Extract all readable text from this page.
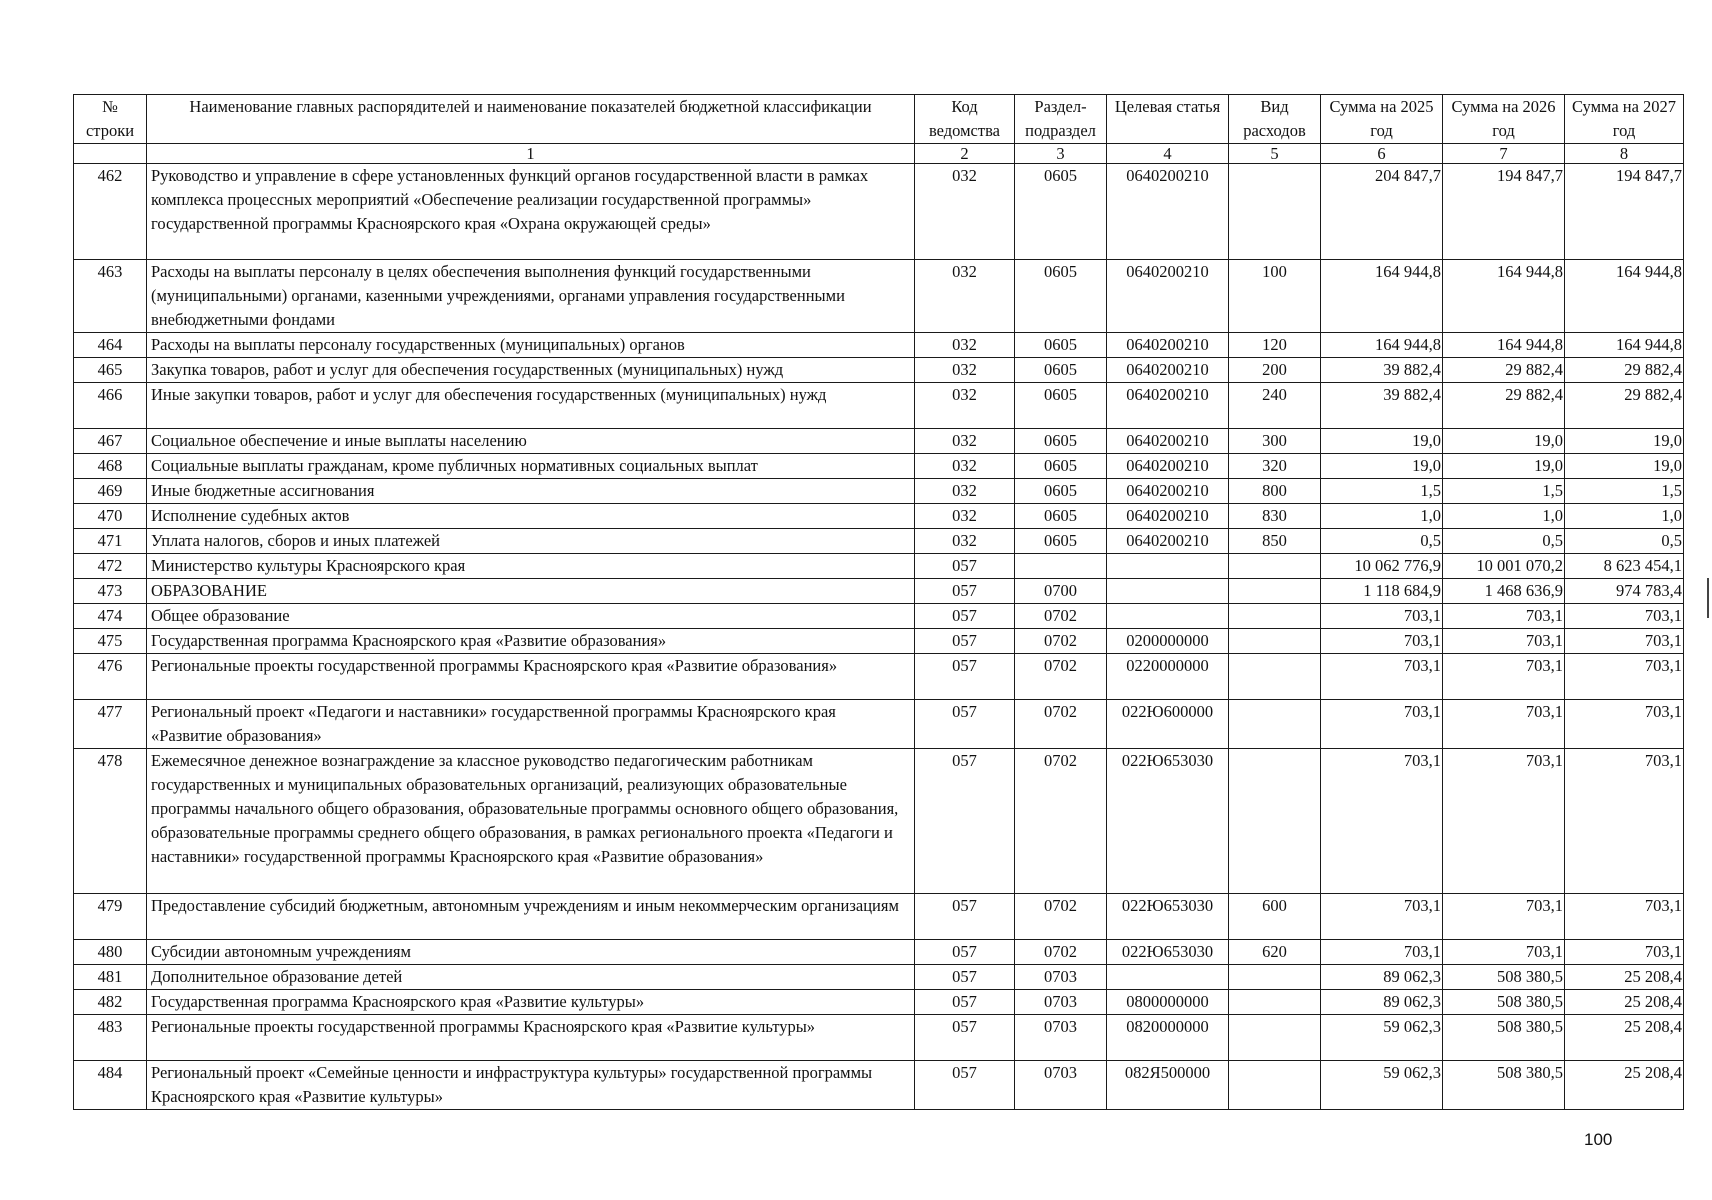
№ строки	Наименование главных распорядителей и наименование показателей бюджетной классификации	Код ведомства	Раздел-подраздел	Целевая статья	Вид расходов	Сумма на 2025 год	Сумма на 2026 год	Сумма на 2027 год
	1	2	3	4	5	6	7	8
462	Руководство и управление в сфере установленных функций органов государственной власти в рамках комплекса процессных мероприятий «Обеспечение реализации государственной программы» государственной программы Красноярского края «Охрана окружающей среды»	032	0605	0640200210		204 847,7	194 847,7	194 847,7
463	Расходы на выплаты персоналу в целях обеспечения выполнения функций государственными (муниципальными) органами, казенными учреждениями, органами управления государственными внебюджетными фондами	032	0605	0640200210	100	164 944,8	164 944,8	164 944,8
464	Расходы на выплаты персоналу государственных (муниципальных) органов	032	0605	0640200210	120	164 944,8	164 944,8	164 944,8
465	Закупка товаров, работ и услуг для обеспечения государственных (муниципальных) нужд	032	0605	0640200210	200	39 882,4	29 882,4	29 882,4
466	Иные закупки товаров, работ и услуг для обеспечения государственных (муниципальных) нужд	032	0605	0640200210	240	39 882,4	29 882,4	29 882,4
467	Социальное обеспечение и иные выплаты населению	032	0605	0640200210	300	19,0	19,0	19,0
468	Социальные выплаты гражданам, кроме публичных нормативных социальных выплат	032	0605	0640200210	320	19,0	19,0	19,0
469	Иные бюджетные ассигнования	032	0605	0640200210	800	1,5	1,5	1,5
470	Исполнение судебных актов	032	0605	0640200210	830	1,0	1,0	1,0
471	Уплата налогов, сборов и иных платежей	032	0605	0640200210	850	0,5	0,5	0,5
472	Министерство культуры Красноярского края	057				10 062 776,9	10 001 070,2	8 623 454,1
473	ОБРАЗОВАНИЕ	057	0700			1 118 684,9	1 468 636,9	974 783,4
474	Общее образование	057	0702			703,1	703,1	703,1
475	Государственная программа Красноярского края «Развитие образования»	057	0702	0200000000		703,1	703,1	703,1
476	Региональные проекты государственной программы Красноярского края «Развитие образования»	057	0702	0220000000		703,1	703,1	703,1
477	Региональный проект «Педагоги и наставники» государственной программы Красноярского края «Развитие образования»	057	0702	022Ю600000		703,1	703,1	703,1
478	Ежемесячное денежное вознаграждение за классное руководство педагогическим работникам государственных и муниципальных образовательных организаций, реализующих образовательные программы начального общего образования, образовательные программы основного общего образования, образовательные программы среднего общего образования, в рамках регионального проекта «Педагоги и наставники» государственной программы Красноярского края «Развитие образования»	057	0702	022Ю653030		703,1	703,1	703,1
479	Предоставление субсидий бюджетным, автономным учреждениям и иным некоммерческим организациям	057	0702	022Ю653030	600	703,1	703,1	703,1
480	Субсидии автономным учреждениям	057	0702	022Ю653030	620	703,1	703,1	703,1
481	Дополнительное образование детей	057	0703			89 062,3	508 380,5	25 208,4
482	Государственная программа Красноярского края «Развитие культуры»	057	0703	0800000000		89 062,3	508 380,5	25 208,4
483	Региональные проекты государственной программы Красноярского края «Развитие культуры»	057	0703	0820000000		59 062,3	508 380,5	25 208,4
484	Региональный проект «Семейные ценности и инфраструктура культуры» государственной программы Красноярского края «Развитие культуры»	057	0703	082Я500000		59 062,3	508 380,5	25 208,4
100
